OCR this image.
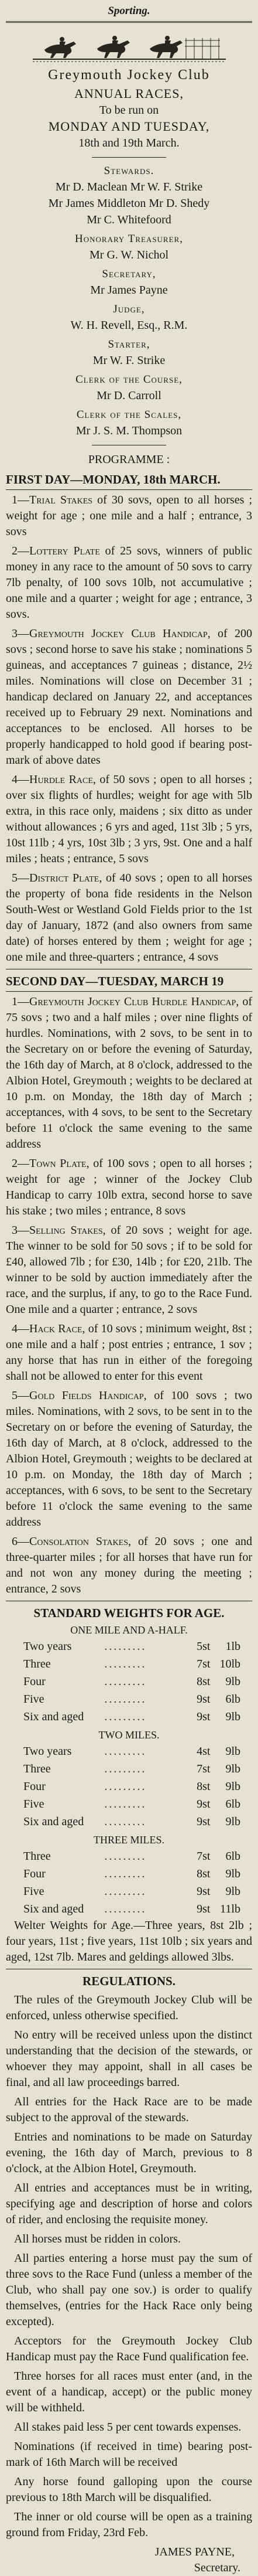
Sporting.
Greymouth Jockey Club
ANNUAL RACES,
To be run on
MONDAY AND TUESDAY,
18th and 19th March.
Stewards.
Mr D. Maclean Mr W. F. Strike
Mr James Middleton Mr D. Shedy
Mr C. Whitefoord
Honorary Treasurer,
Mr G. W. Nichol
Secretary,
Mr James Payne
Judge,
W. H. Revell, Esq., R.M.
Starter,
Mr W. F. Strike
Clerk of the Course,
Mr D. Carroll
Clerk of the Scales,
Mr J. S. M. Thompson
PROGRAMME :
FIRST DAY—MONDAY, 18th MARCH.

1—Trial Stakes of 30 sovs, open to all horses ; weight for age ; one mile and a half ; entrance, 3 sovs

2—Lottery Plate of 25 sovs, winners of public money in any race to the amount of 50 sovs to carry 7lb penalty, of 100 sovs 10lb, not accumulative ; one mile and a quarter ; weight for age ; entrance, 3 sovs.

3—Greymouth Jockey Club Handicap, of 200 sovs ; second horse to save his stake ; nominations 5 guineas, and acceptances 7 guineas ; distance, 2½ miles. Nominations will close on December 31 ; handicap declared on January 22, and acceptances received up to February 29 next. Nominations and acceptances to be enclosed. All horses to be properly handicapped to hold good if bearing post-mark of above dates

4—Hurdle Race, of 50 sovs ; open to all horses ; over six flights of hurdles; weight for age with 5lb extra, in this race only, maidens ; six ditto as under without allowances ; 6 yrs and aged, 11st 3lb ; 5 yrs, 10st 11lb ; 4 yrs, 10st 3lb ; 3 yrs, 9st. One and a half miles ; heats ; entrance, 5 sovs

5—District Plate, of 40 sovs ; open to all horses the property of bona fide residents in the Nelson South-West or Westland Gold Fields prior to the 1st day of January, 1872 (and also owners from same date) of horses entered by them ; weight for age ; one mile and three-quarters ; entrance, 4 sovs

SECOND DAY—TUESDAY, MARCH 19

1—Greymouth Jockey Club Hurdle Handicap, of 75 sovs ; two and a half miles ; over nine flights of hurdles. Nominations, with 2 sovs, to be sent in to the Secretary on or before the evening of Saturday, the 16th day of March, at 8 o'clock, addressed to the Albion Hotel, Greymouth ; weights to be declared at 10 p.m. on Monday, the 18th day of March ; acceptances, with 4 sovs, to be sent to the Secretary before 11 o'clock the same evening to the same address

2—Town Plate, of 100 sovs ; open to all horses ; weight for age ; winner of the Jockey Club Handicap to carry 10lb extra, second horse to save his stake ; two miles ; entrance, 8 sovs

3—Selling Stakes, of 20 sovs ; weight for age. The winner to be sold for 50 sovs ; if to be sold for £40, allowed 7lb ; for £30, 14lb ; for £20, 21lb. The winner to be sold by auction immediately after the race, and the surplus, if any, to go to the Race Fund. One mile and a quarter ; entrance, 2 sovs

4—Hack Race, of 10 sovs ; minimum weight, 8st ; one mile and a half ; post entries ; entrance, 1 sov ; any horse that has run in either of the foregoing shall not be allowed to enter for this event

5—Gold Fields Handicap, of 100 sovs ; two miles. Nominations, with 2 sovs, to be sent in to the Secretary on or before the evening of Saturday, the 16th day of March, at 8 o'clock, addressed to the Albion Hotel, Greymouth ; weights to be declared at 10 p.m. on Monday, the 18th day of March ; acceptances, with 6 sovs, to be sent to the Secretary before 11 o'clock the same evening to the same address

6—Consolation Stakes, of 20 sovs ; one and three-quarter miles ; for all horses that have run for and not won any money during the meeting ; entrance, 2 sovs

STANDARD WEIGHTS FOR AGE.
ONE MILE AND A-HALF.
Two years	.........	5st	1lb
Three	.........	7st	10lb
Four	.........	8st	9lb
Five	.........	9st	6lb
Six and aged	.........	9st	9lb
TWO MILES.
Two years	.........	4st	9lb
Three	.........	7st	9lb
Four	.........	8st	9lb
Five	.........	9st	6lb
Six and aged	.........	9st	9lb
THREE MILES.
Three	.........	7st	6lb
Four	.........	8st	9lb
Five	.........	9st	9lb
Six and aged	.........	9st	11lb

Welter Weights for Age.—Three years, 8st 2lb ; four years, 11st ; five years, 11st 10lb ; six years and aged, 12st 7lb. Mares and geldings allowed 3lbs.

REGULATIONS.

The rules of the Greymouth Jockey Club will be enforced, unless otherwise specified.

No entry will be received unless upon the distinct understanding that the decision of the stewards, or whoever they may appoint, shall in all cases be final, and all law proceedings barred.

All entries for the Hack Race are to be made subject to the approval of the stewards.

Entries and nominations to be made on Saturday evening, the 16th day of March, previous to 8 o'clock, at the Albion Hotel, Greymouth.

All entries and acceptances must be in writing, specifying age and description of horse and colors of rider, and enclosing the requisite money.

All horses must be ridden in colors.

All parties entering a horse must pay the sum of three sovs to the Race Fund (unless a member of the Club, who shall pay one sov.) is order to qualify themselves, (entries for the Hack Race only being excepted).

Acceptors for the Greymouth Jockey Club Handicap must pay the Race Fund qualification fee.

Three horses for all races must enter (and, in the event of a handicap, accept) or the public money will be withheld.

All stakes paid less 5 per cent towards expenses.

Nominations (if received in time) bearing post-mark of 16th March will be received

Any horse found galloping upon the course previous to 18th March will be disqualified.

The inner or old course will be open as a training ground from Friday, 23rd Feb.

JAMES PAYNE,
Secretary.
